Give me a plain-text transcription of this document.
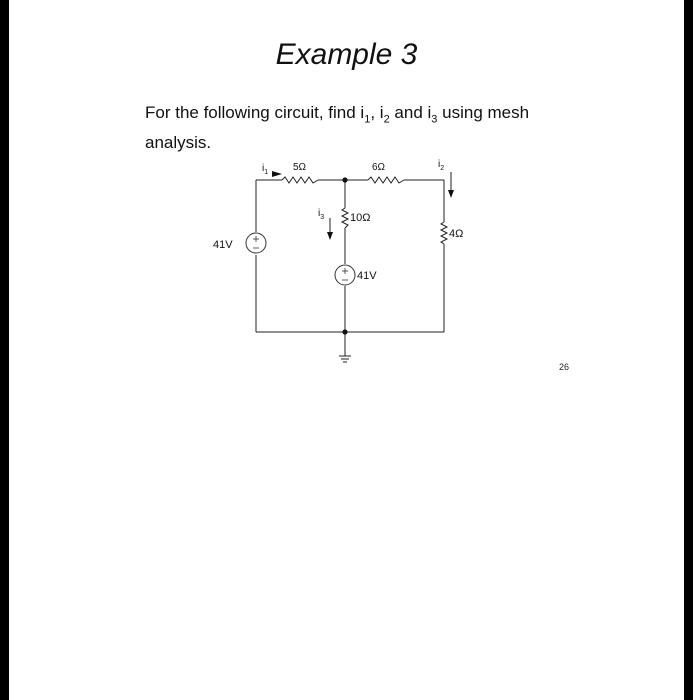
Example 3
For the following circuit, find $i_1$, $i_2$ and $i_3$ using mesh analysis.
$i_1$
$i_2$
$i_3$
5Ω	6Ω
10Ω
4Ω
41V
41V
26
